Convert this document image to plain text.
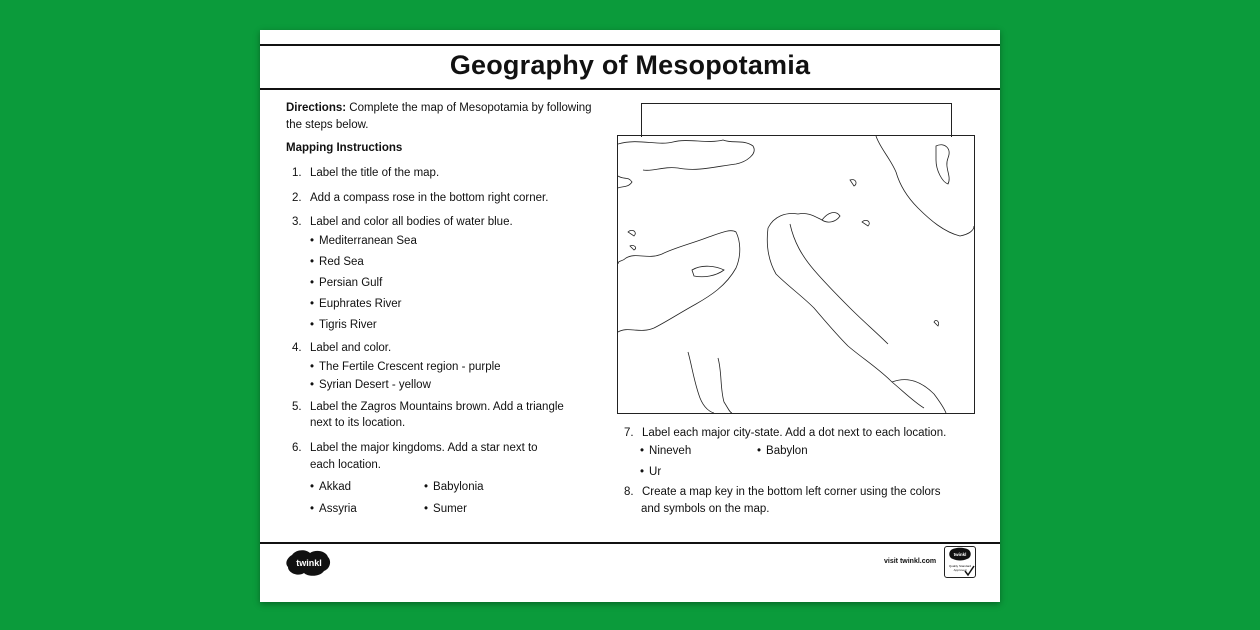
Geography of Mesopotamia
Directions: Complete the map of Mesopotamia by following
the steps below.
Mapping Instructions
1. Label the title of the map.
2. Add a compass rose in the bottom right corner.
3. Label and color all bodies of water blue.
• Mediterranean Sea
• Red Sea
• Persian Gulf
• Euphrates River
• Tigris River
4. Label and color.
• The Fertile Crescent region - purple
• Syrian Desert - yellow
5. Label the Zagros Mountains brown. Add a triangle
next to its location.
6. Label the major kingdoms. Add a star next to
each location.
• Akkad	• Babylonia
• Assyria	• Sumer
7. Label each major city-state. Add a dot next to each location.
• Nineveh	• Babylon
• Ur
8. Create a map key in the bottom left corner using the colors
and symbols on the map.
twinkl	visit twinkl.com
twinkl
Quality Standard
Approved
